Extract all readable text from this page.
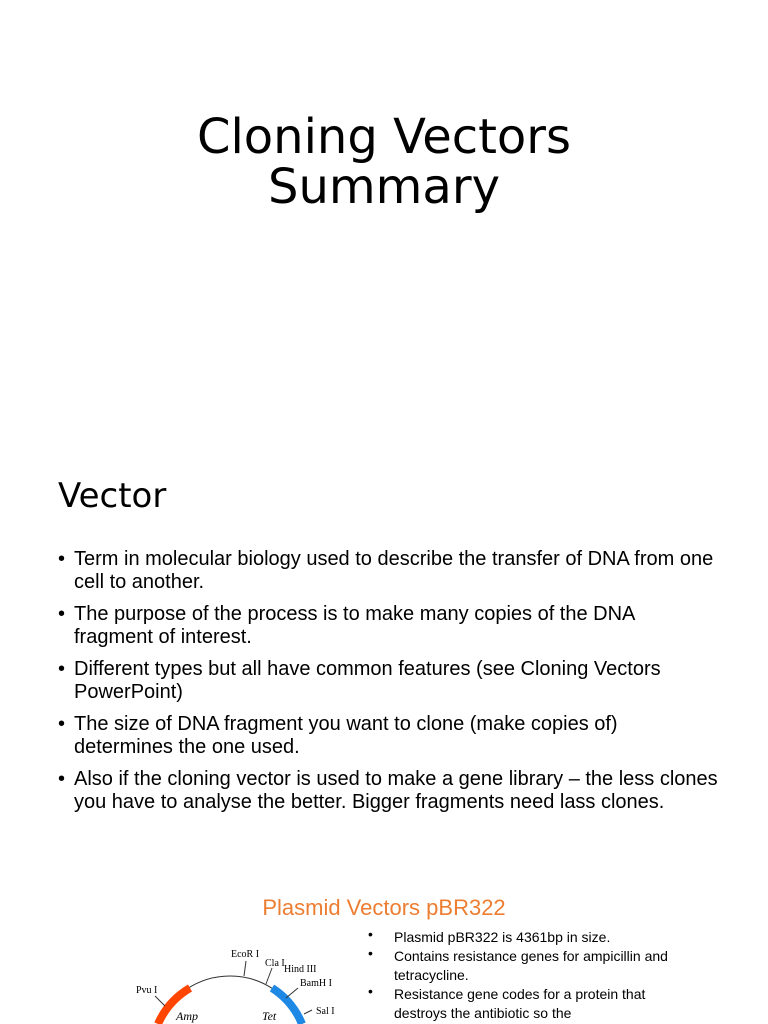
Cloning Vectors
Summary
Vector
• Term in molecular biology used to describe the transfer of DNA from one cell to another.
• The purpose of the process is to make many copies of the DNA fragment of interest.
• Different types but all have common features (see Cloning Vectors PowerPoint)
• The size of DNA fragment you want to clone (make copies of) determines the one used.
• Also if the cloning vector is used to make a gene library – the less clones you have to analyse the better. Bigger fragments need lass clones.
Plasmid Vectors pBR322
EcoR I
Cla I
Hind III
BamH I
Sal I
Pvu I
Amp	Tet
• Plasmid pBR322 is 4361bp in size.
• Contains resistance genes for ampicillin and tetracycline.
• Resistance gene codes for a protein that destroys the antibiotic so the
